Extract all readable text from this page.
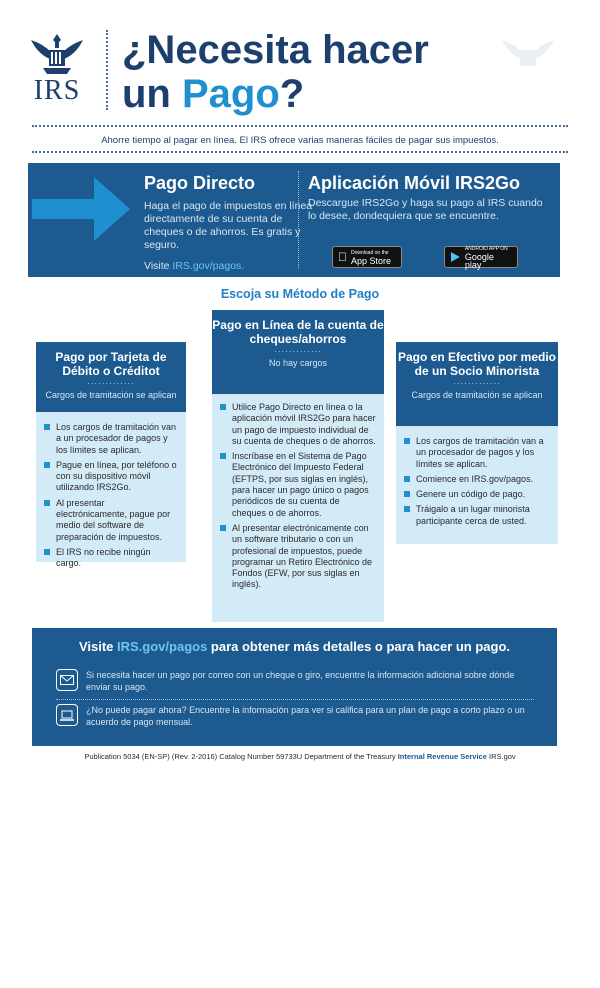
IRS
¿Necesita hacer
un Pago?
Ahorre tiempo al pagar en línea. El IRS ofrece varias maneras fáciles de pagar sus impuestos.
Pago Directo
Haga el pago de impuestos en línea directamente de su cuenta de cheques o de ahorros. Es gratis y seguro.
Visite IRS.gov/pagos.
Aplicación Móvil IRS2Go
Descargue IRS2Go y haga su pago al IRS cuando lo desee, dondequiera que se encuentre.
Download on the
App Store
ANDROID APP ON
Google play
Escoja su Método de Pago
Pago por Tarjeta de Débito o Créditot
·············
Cargos de tramitación se aplican
Los cargos de tramitación van a un procesador de pagos y los límites se aplican.
Pague en línea, por teléfono o con su dispositivo móvil utilizando IRS2Go.
Al presentar electrónicamente, pague por medio del software de preparación de impuestos.
El IRS no recibe ningún cargo.
Pago en Línea de la cuenta de cheques/ahorros
·············
No hay cargos
Utilice Pago Directo en línea o la aplicación móvil IRS2Go para hacer un pago de impuesto individual de su cuenta de cheques o de ahorros.
Inscríbase en el Sistema de Pago Electrónico del Impuesto Federal (EFTPS, por sus siglas en inglés), para hacer un pago único o pagos periódicos de su cuenta de cheques o de ahorros.
Al presentar electrónicamente con un software tributario o con un profesional de impuestos, puede programar un Retiro Electrónico de Fondos (EFW, por sus siglas en inglés).
Pago en Efectivo por medio de un Socio Minorista
·············
Cargos de tramitación se aplican
Los cargos de tramitación van a un procesador de pagos y los límites se aplican.
Comience en IRS.gov/pagos.
Genere un código de pago.
Tráigalo a un lugar minorista participante cerca de usted.
Visite IRS.gov/pagos para obtener más detalles o para hacer un pago.
Si necesita hacer un pago por correo con un cheque o giro, encuentre la información adicional sobre dónde enviar su pago.
¿No puede pagar ahora? Encuentre la información para ver si califica para un plan de pago a corto plazo o un acuerdo de pago mensual.
Publication 5034 (EN-SP) (Rev. 2-2016) Catalog Number 59733U Department of the Treasury Internal Revenue Service IRS.gov
